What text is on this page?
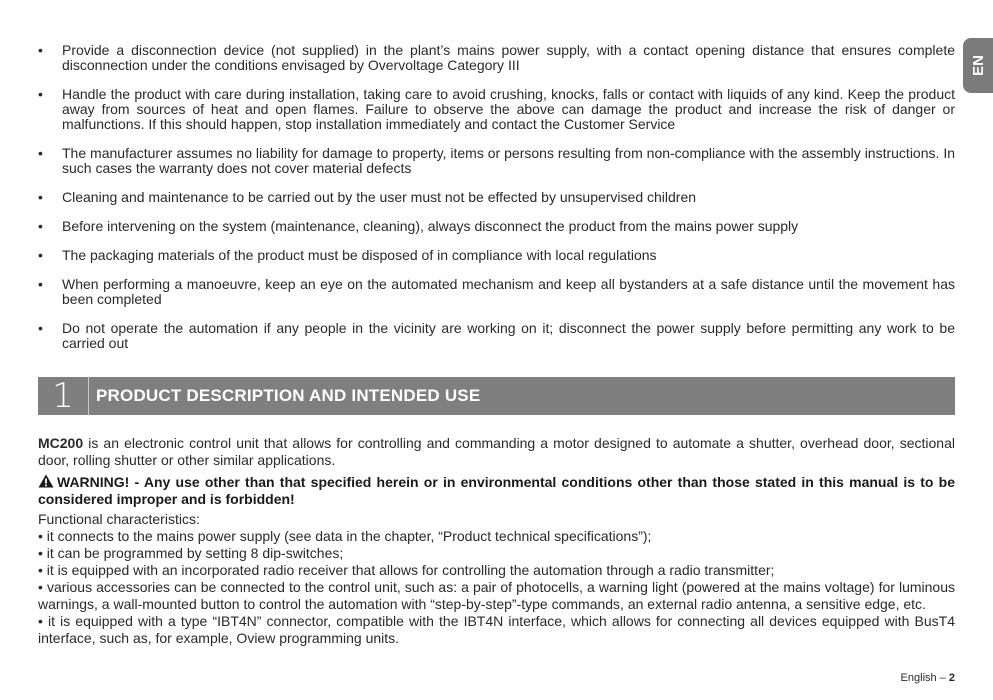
EN
• Provide a disconnection device (not supplied) in the plant’s mains power supply, with a contact opening distance that ensures complete disconnection under the conditions envisaged by Overvoltage Category III
• Handle the product with care during installation, taking care to avoid crushing, knocks, falls or contact with liquids of any kind. Keep the product away from sources of heat and open flames. Failure to observe the above can damage the product and increase the risk of danger or malfunctions. If this should happen, stop installation immediately and contact the Customer Service
• The manufacturer assumes no liability for damage to property, items or persons resulting from non-compliance with the assembly instructions. In such cases the warranty does not cover material defects
• Cleaning and maintenance to be carried out by the user must not be effected by unsupervised children
• Before intervening on the system (maintenance, cleaning), always disconnect the product from the mains power supply
• The packaging materials of the product must be disposed of in compliance with local regulations
• When performing a manoeuvre, keep an eye on the automated mechanism and keep all bystanders at a safe distance until the movement has been completed
• Do not operate the automation if any people in the vicinity are working on it; disconnect the power supply before permitting any work to be carried out
1	PRODUCT DESCRIPTION AND INTENDED USE

MC200 is an electronic control unit that allows for controlling and commanding a motor designed to automate a shutter, overhead door, sectional door, rolling shutter or other similar applications.

WARNING! - Any use other than that specified herein or in environmental conditions other than those stated in this manual is to be considered improper and is forbidden!

Functional characteristics:

• it connects to the mains power supply (see data in the chapter, “Product technical specifications”);

• it can be programmed by setting 8 dip-switches;

• it is equipped with an incorporated radio receiver that allows for controlling the automation through a radio transmitter;

• various accessories can be connected to the control unit, such as: a pair of photocells, a warning light (powered at the mains voltage) for luminous warnings, a wall-mounted button to control the automation with “step-by-step”-type commands, an external radio antenna, a sensitive edge, etc.

• it is equipped with a type “IBT4N” connector, compatible with the IBT4N interface, which allows for connecting all devices equipped with BusT4 interface, such as, for example, Oview programming units.

English – 2
